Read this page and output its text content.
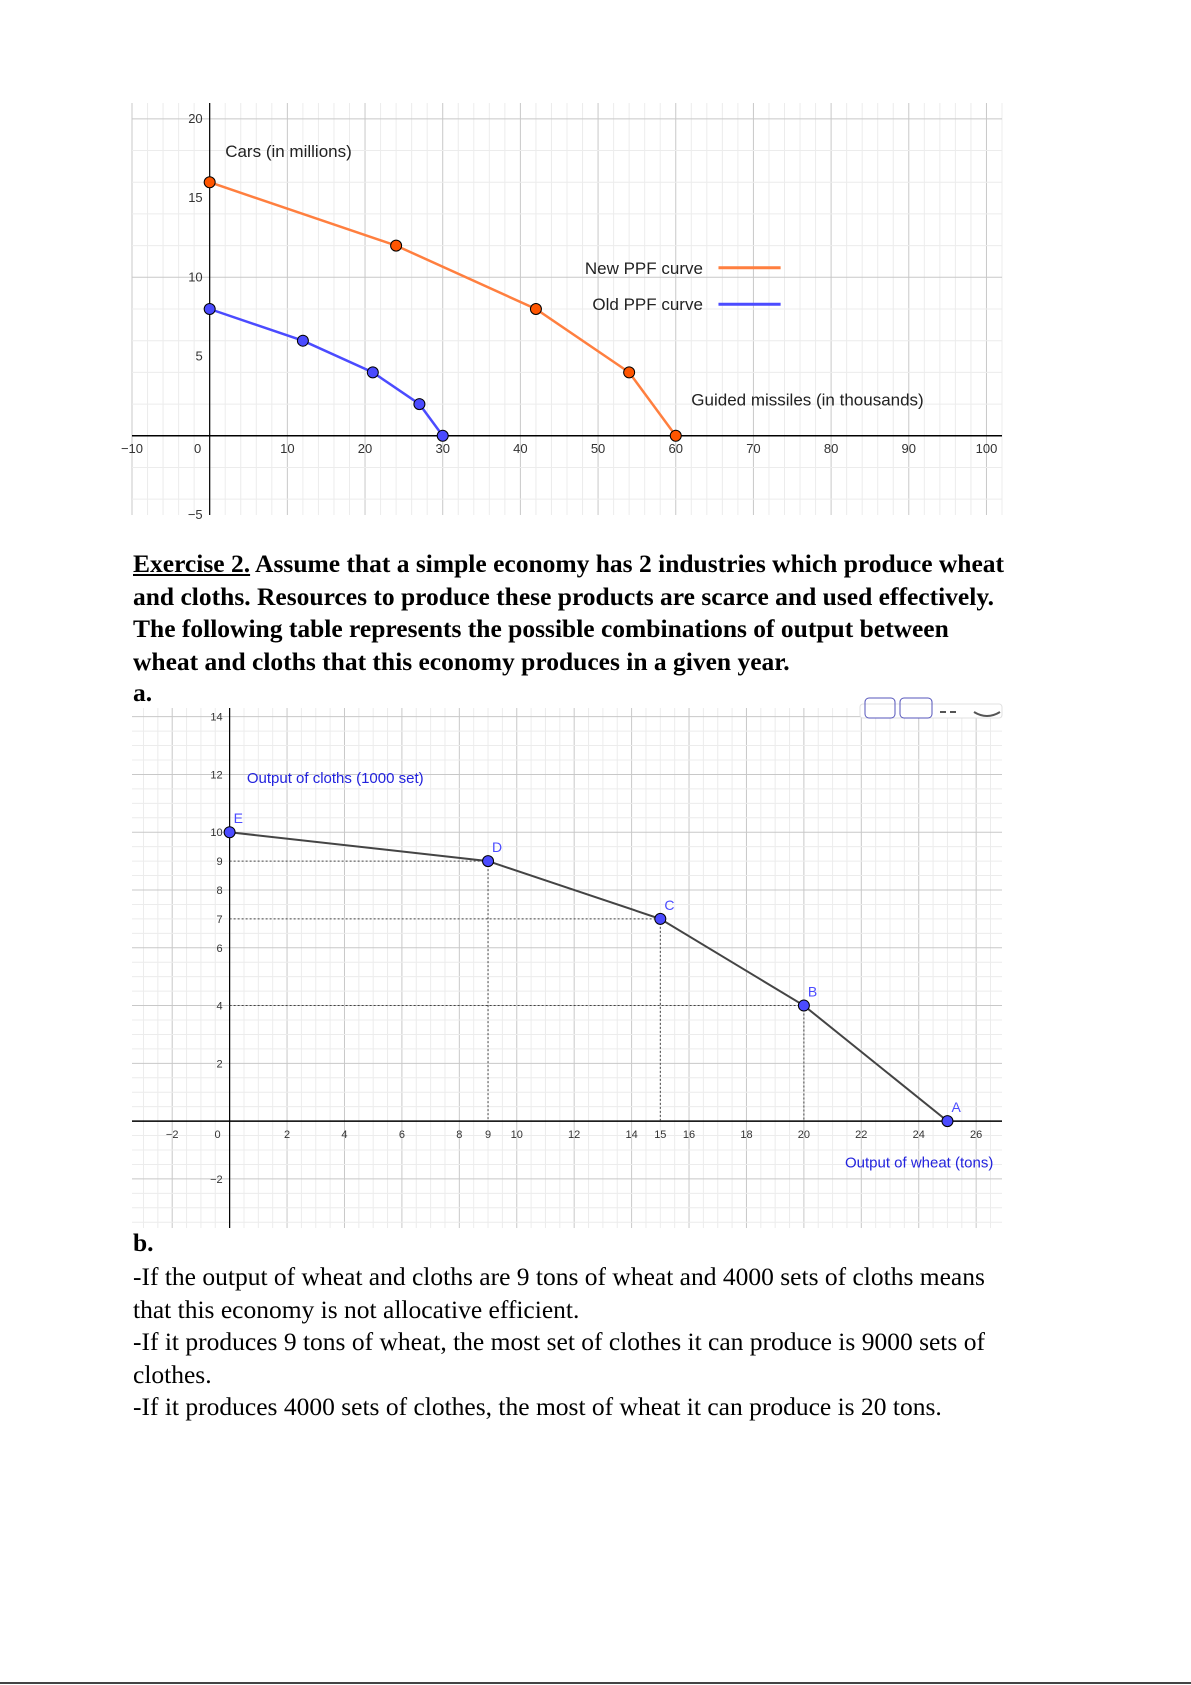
−10	0	10	20	30	40	50	60	70	80	90	100
−5
5
10
15
20
Cars (in millions)
Guided missiles (in thousands)
New PPF curve
Old PPF curve
Exercise 2. Assume that a simple economy has 2 industries which produce wheat and cloths. Resources to produce these products are scarce and used effectively. The following table represents the possible combinations of output between wheat and cloths that this economy produces in a given year.
a.
−2	0	2	4	6	8 9 10	12	14 15 16	18	20	22	24	26
−2
2
4
6
7
8
9
10
12
14
E
D
C
B
A
Output of cloths (1000 set)
Output of wheat (tons)
b.
-If the output of wheat and cloths are 9 tons of wheat and 4000 sets of cloths means that this economy is not allocative efficient.
-If it produces 9 tons of wheat, the most set of clothes it can produce is 9000 sets of clothes.
-If it produces 4000 sets of clothes, the most of wheat it can produce is 20 tons.
